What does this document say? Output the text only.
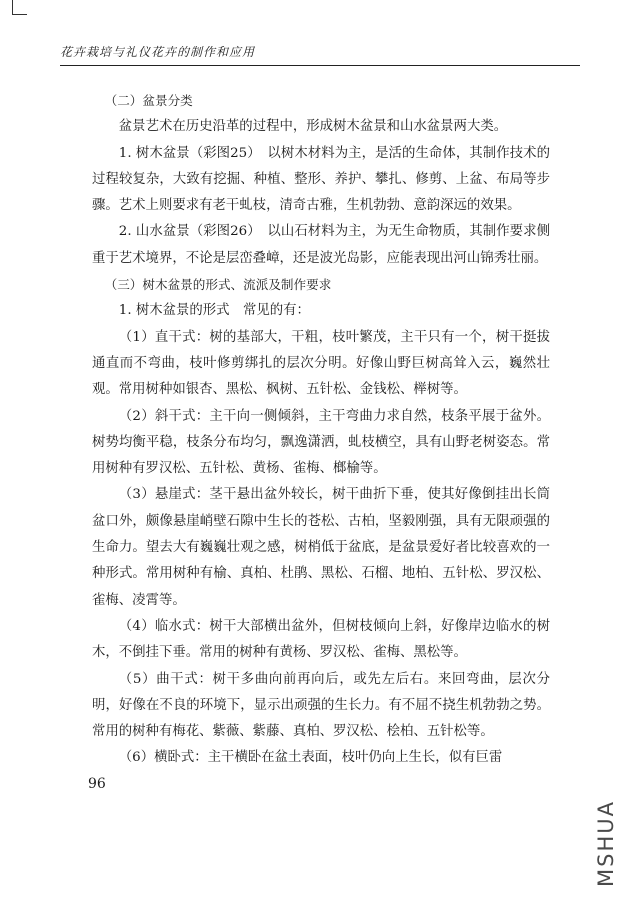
花卉栽培与礼仪花卉的制作和应用

（二）盆景分类

盆景艺术在历史沿革的过程中，形成树木盆景和山水盆景两大类。

1. 树木盆景（彩图25）　以树木材料为主，是活的生命体，其制作技术的过程较复杂，大致有挖掘、种植、整形、养护、攀扎、修剪、上盆、布局等步骤。艺术上则要求有老干虬枝，清奇古雅，生机勃勃、意韵深远的效果。

2. 山水盆景（彩图26）　以山石材料为主，为无生命物质，其制作要求侧重于艺术境界，不论是层峦叠嶂，还是波光岛影，应能表现出河山锦秀壮丽。

（三）树木盆景的形式、流派及制作要求

1. 树木盆景的形式　常见的有：

（1）直干式：树的基部大，干粗，枝叶繁茂，主干只有一个，树干挺拔通直而不弯曲，枝叶修剪绑扎的层次分明。好像山野巨树高耸入云，巍然壮观。常用树种如银杏、黑松、枫树、五针松、金钱松、榉树等。

（2）斜干式：主干向一侧倾斜，主干弯曲力求自然，枝条平展于盆外。树势均衡平稳，枝条分布均匀，飘逸潇洒，虬枝横空，具有山野老树姿态。常用树种有罗汉松、五针松、黄杨、雀梅、榔榆等。

（3）悬崖式：茎干悬出盆外较长，树干曲折下垂，使其好像倒挂出长筒盆口外，颇像悬崖峭壁石隙中生长的苍松、古柏，坚毅刚强，具有无限顽强的生命力。望去大有巍巍壮观之感，树梢低于盆底，是盆景爱好者比较喜欢的一种形式。常用树种有榆、真柏、杜鹃、黑松、石榴、地柏、五针松、罗汉松、雀梅、凌霄等。

（4）临水式：树干大部横出盆外，但树枝倾向上斜，好像岸边临水的树木，不倒挂下垂。常用的树种有黄杨、罗汉松、雀梅、黑松等。

（5）曲干式：树干多曲向前再向后，或先左后右。来回弯曲，层次分明，好像在不良的环境下，显示出顽强的生长力。有不屈不挠生机勃勃之势。常用的树种有梅花、紫薇、紫藤、真柏、罗汉松、桧柏、五针松等。

（6）横卧式：主干横卧在盆土表面，枝叶仍向上生长，似有巨雷

96
MSHUA
